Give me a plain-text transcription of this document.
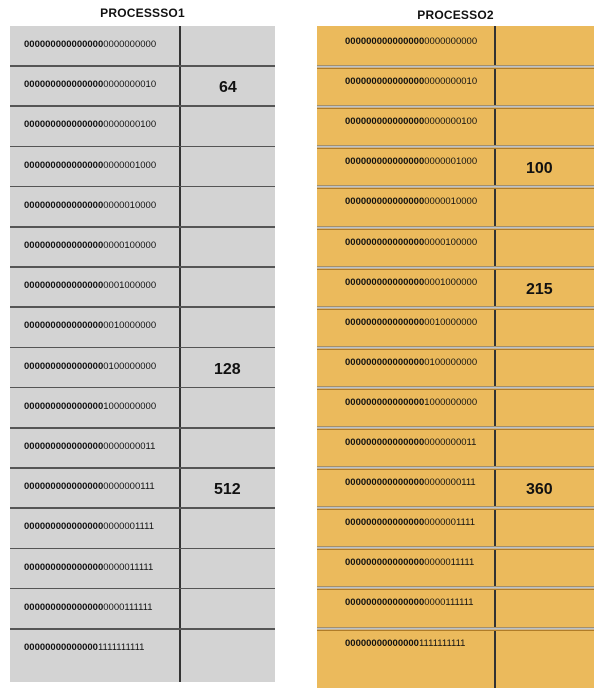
PROCESSSO1	PROCESSO2
0000000000000000000000000
0000000000000000000000010
0000000000000000000000100
0000000000000000000001000
0000000000000000000010000
0000000000000000000100000
0000000000000000001000000
0000000000000000010000000
0000000000000000100000000
0000000000000001000000000
0000000000000000000000011
0000000000000000000000111
0000000000000000000001111
0000000000000000000011111
0000000000000000000111111
000000000000001111111111
64
128
512
0000000000000000000000000
0000000000000000000000010
0000000000000000000000100
0000000000000000000001000
0000000000000000000010000
0000000000000000000100000
0000000000000000001000000
0000000000000000010000000
0000000000000000100000000
0000000000000001000000000
0000000000000000000000011
0000000000000000000000111
0000000000000000000001111
0000000000000000000011111
0000000000000000000111111
000000000000001111111111
100
215
360
